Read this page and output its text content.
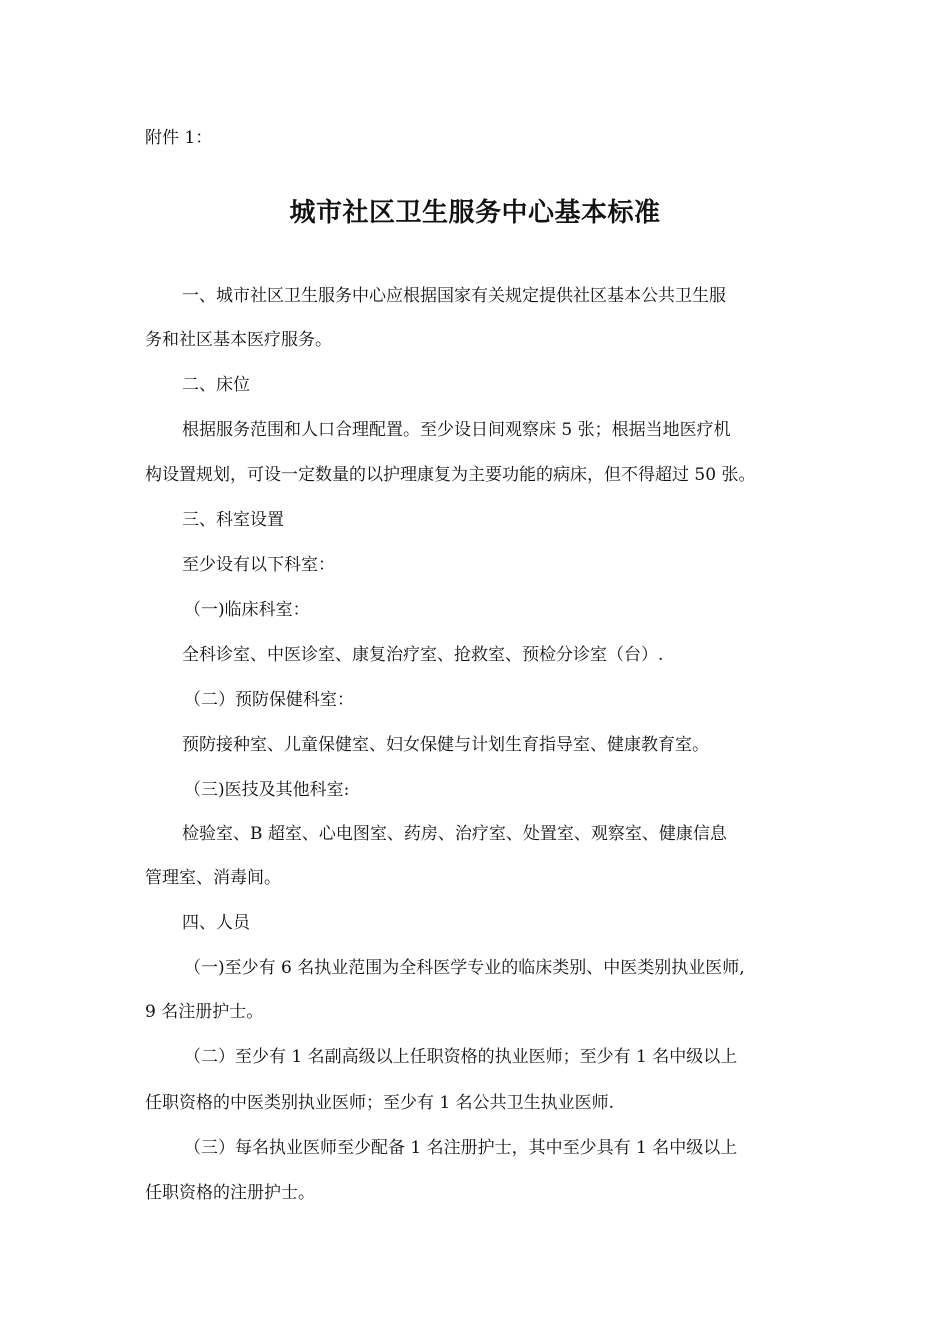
附件 1：
城市社区卫生服务中心基本标准
一、城市社区卫生服务中心应根据国家有关规定提供社区基本公共卫生服
务和社区基本医疗服务。
二、床位
根据服务范围和人口合理配置。至少设日间观察床 5 张；根据当地医疗机
构设置规划，可设一定数量的以护理康复为主要功能的病床，但不得超过 50 张。
三、科室设置
至少设有以下科室：
（一)临床科室：
全科诊室、中医诊室、康复治疗室、抢救室、预检分诊室（台）.
（二）预防保健科室：
预防接种室、儿童保健室、妇女保健与计划生育指导室、健康教育室。
（三)医技及其他科室:
检验室、B 超室、心电图室、药房、治疗室、处置室、观察室、健康信息
管理室、消毒间。
四、人员
（一)至少有 6 名执业范围为全科医学专业的临床类别、中医类别执业医师,
9 名注册护士。
（二）至少有 1 名副高级以上任职资格的执业医师；至少有 1 名中级以上
任职资格的中医类别执业医师；至少有 1 名公共卫生执业医师.
（三）每名执业医师至少配备 1 名注册护士，其中至少具有 1 名中级以上
任职资格的注册护士。
